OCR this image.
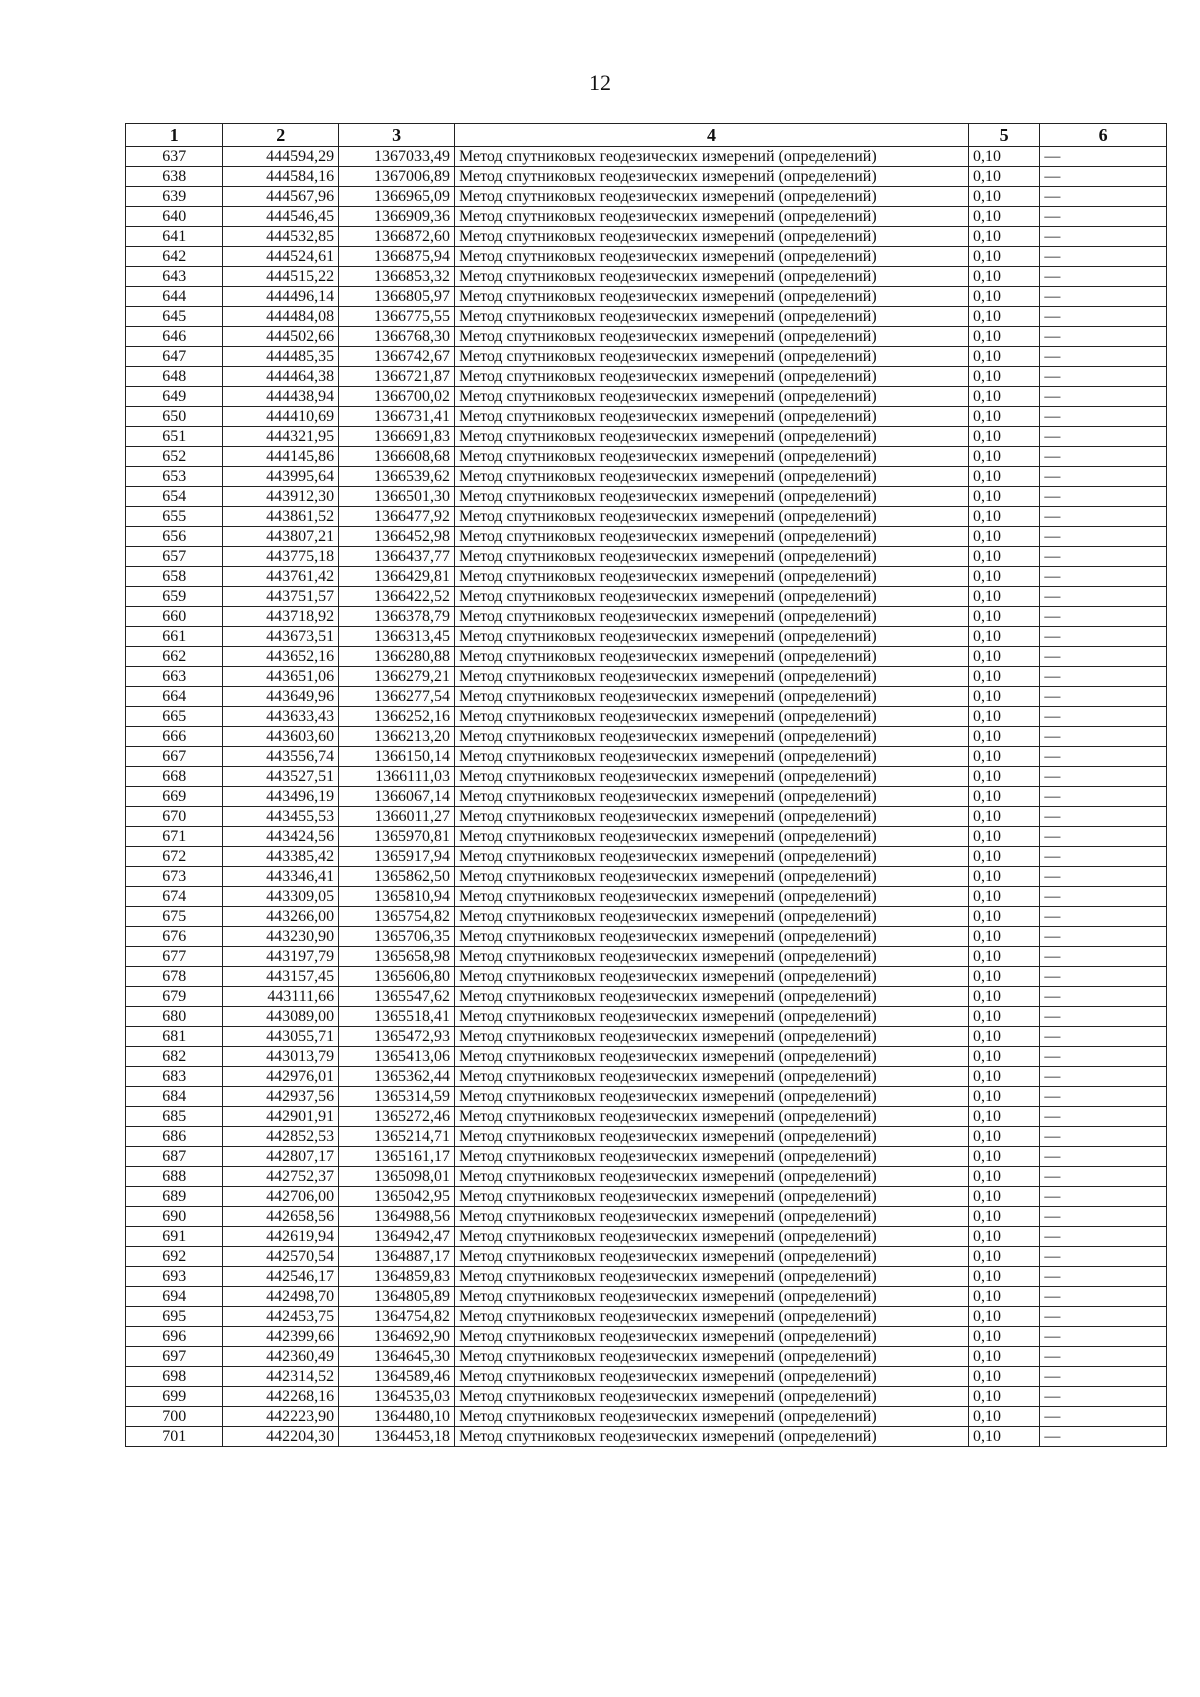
12
1	2	3	4	5	6
637	444594,29	1367033,49	Метод спутниковых геодезических измерений (определений)	0,10	—
638	444584,16	1367006,89	Метод спутниковых геодезических измерений (определений)	0,10	—
639	444567,96	1366965,09	Метод спутниковых геодезических измерений (определений)	0,10	—
640	444546,45	1366909,36	Метод спутниковых геодезических измерений (определений)	0,10	—
641	444532,85	1366872,60	Метод спутниковых геодезических измерений (определений)	0,10	—
642	444524,61	1366875,94	Метод спутниковых геодезических измерений (определений)	0,10	—
643	444515,22	1366853,32	Метод спутниковых геодезических измерений (определений)	0,10	—
644	444496,14	1366805,97	Метод спутниковых геодезических измерений (определений)	0,10	—
645	444484,08	1366775,55	Метод спутниковых геодезических измерений (определений)	0,10	—
646	444502,66	1366768,30	Метод спутниковых геодезических измерений (определений)	0,10	—
647	444485,35	1366742,67	Метод спутниковых геодезических измерений (определений)	0,10	—
648	444464,38	1366721,87	Метод спутниковых геодезических измерений (определений)	0,10	—
649	444438,94	1366700,02	Метод спутниковых геодезических измерений (определений)	0,10	—
650	444410,69	1366731,41	Метод спутниковых геодезических измерений (определений)	0,10	—
651	444321,95	1366691,83	Метод спутниковых геодезических измерений (определений)	0,10	—
652	444145,86	1366608,68	Метод спутниковых геодезических измерений (определений)	0,10	—
653	443995,64	1366539,62	Метод спутниковых геодезических измерений (определений)	0,10	—
654	443912,30	1366501,30	Метод спутниковых геодезических измерений (определений)	0,10	—
655	443861,52	1366477,92	Метод спутниковых геодезических измерений (определений)	0,10	—
656	443807,21	1366452,98	Метод спутниковых геодезических измерений (определений)	0,10	—
657	443775,18	1366437,77	Метод спутниковых геодезических измерений (определений)	0,10	—
658	443761,42	1366429,81	Метод спутниковых геодезических измерений (определений)	0,10	—
659	443751,57	1366422,52	Метод спутниковых геодезических измерений (определений)	0,10	—
660	443718,92	1366378,79	Метод спутниковых геодезических измерений (определений)	0,10	—
661	443673,51	1366313,45	Метод спутниковых геодезических измерений (определений)	0,10	—
662	443652,16	1366280,88	Метод спутниковых геодезических измерений (определений)	0,10	—
663	443651,06	1366279,21	Метод спутниковых геодезических измерений (определений)	0,10	—
664	443649,96	1366277,54	Метод спутниковых геодезических измерений (определений)	0,10	—
665	443633,43	1366252,16	Метод спутниковых геодезических измерений (определений)	0,10	—
666	443603,60	1366213,20	Метод спутниковых геодезических измерений (определений)	0,10	—
667	443556,74	1366150,14	Метод спутниковых геодезических измерений (определений)	0,10	—
668	443527,51	1366111,03	Метод спутниковых геодезических измерений (определений)	0,10	—
669	443496,19	1366067,14	Метод спутниковых геодезических измерений (определений)	0,10	—
670	443455,53	1366011,27	Метод спутниковых геодезических измерений (определений)	0,10	—
671	443424,56	1365970,81	Метод спутниковых геодезических измерений (определений)	0,10	—
672	443385,42	1365917,94	Метод спутниковых геодезических измерений (определений)	0,10	—
673	443346,41	1365862,50	Метод спутниковых геодезических измерений (определений)	0,10	—
674	443309,05	1365810,94	Метод спутниковых геодезических измерений (определений)	0,10	—
675	443266,00	1365754,82	Метод спутниковых геодезических измерений (определений)	0,10	—
676	443230,90	1365706,35	Метод спутниковых геодезических измерений (определений)	0,10	—
677	443197,79	1365658,98	Метод спутниковых геодезических измерений (определений)	0,10	—
678	443157,45	1365606,80	Метод спутниковых геодезических измерений (определений)	0,10	—
679	443111,66	1365547,62	Метод спутниковых геодезических измерений (определений)	0,10	—
680	443089,00	1365518,41	Метод спутниковых геодезических измерений (определений)	0,10	—
681	443055,71	1365472,93	Метод спутниковых геодезических измерений (определений)	0,10	—
682	443013,79	1365413,06	Метод спутниковых геодезических измерений (определений)	0,10	—
683	442976,01	1365362,44	Метод спутниковых геодезических измерений (определений)	0,10	—
684	442937,56	1365314,59	Метод спутниковых геодезических измерений (определений)	0,10	—
685	442901,91	1365272,46	Метод спутниковых геодезических измерений (определений)	0,10	—
686	442852,53	1365214,71	Метод спутниковых геодезических измерений (определений)	0,10	—
687	442807,17	1365161,17	Метод спутниковых геодезических измерений (определений)	0,10	—
688	442752,37	1365098,01	Метод спутниковых геодезических измерений (определений)	0,10	—
689	442706,00	1365042,95	Метод спутниковых геодезических измерений (определений)	0,10	—
690	442658,56	1364988,56	Метод спутниковых геодезических измерений (определений)	0,10	—
691	442619,94	1364942,47	Метод спутниковых геодезических измерений (определений)	0,10	—
692	442570,54	1364887,17	Метод спутниковых геодезических измерений (определений)	0,10	—
693	442546,17	1364859,83	Метод спутниковых геодезических измерений (определений)	0,10	—
694	442498,70	1364805,89	Метод спутниковых геодезических измерений (определений)	0,10	—
695	442453,75	1364754,82	Метод спутниковых геодезических измерений (определений)	0,10	—
696	442399,66	1364692,90	Метод спутниковых геодезических измерений (определений)	0,10	—
697	442360,49	1364645,30	Метод спутниковых геодезических измерений (определений)	0,10	—
698	442314,52	1364589,46	Метод спутниковых геодезических измерений (определений)	0,10	—
699	442268,16	1364535,03	Метод спутниковых геодезических измерений (определений)	0,10	—
700	442223,90	1364480,10	Метод спутниковых геодезических измерений (определений)	0,10	—
701	442204,30	1364453,18	Метод спутниковых геодезических измерений (определений)	0,10	—
